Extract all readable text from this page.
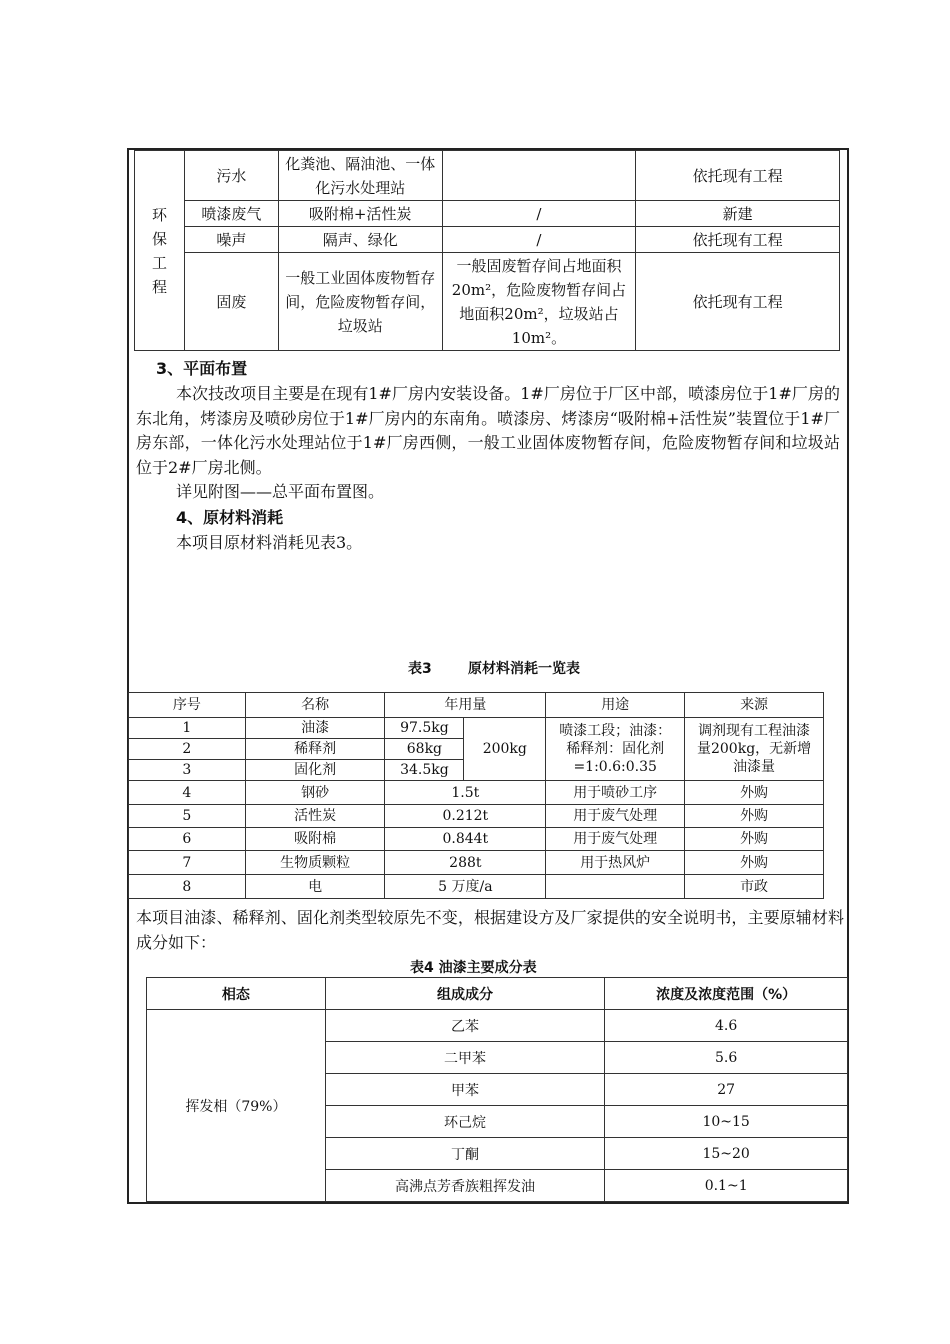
环保工程	污水	化粪池、隔油池、一体化污水处理站		依托现有工程
	喷漆废气	吸附棉+活性炭	/	新建
	噪声	隔声、绿化	/	依托现有工程
	固废	一般工业固体废物暂存间，危险废物暂存间，垃圾站	一般固废暂存间占地面积20m²，危险废物暂存间占地面积20m²，垃圾站占10m²。	依托现有工程
3、平面布置
本次技改项目主要是在现有1#厂房内安装设备。1#厂房位于厂区中部，喷漆房位于1#厂房的东北角，烤漆房及喷砂房位于1#厂房内的东南角。喷漆房、烤漆房“吸附棉+活性炭”装置位于1#厂房东部，一体化污水处理站位于1#厂房西侧，一般工业固体废物暂存间，危险废物暂存间和垃圾站位于2#厂房北侧。
详见附图——总平面布置图。
4、原材料消耗
本项目原材料消耗见表3。
表3	原材料消耗一览表
序号	名称	年用量		用途	来源
1	油漆	97.5kg	200kg	喷漆工段；油漆：稀释剂：固化剂=1:0.6:0.35	调剂现有工程油漆量200kg，无新增油漆量
2	稀释剂	68kg			
3	固化剂	34.5kg			
4	钢砂	1.5t		用于喷砂工序	外购
5	活性炭	0.212t		用于废气处理	外购
6	吸附棉	0.844t		用于废气处理	外购
7	生物质颗粒	288t		用于热风炉	外购
8	电	5 万度/a			市政
本项目油漆、稀释剂、固化剂类型较原先不变，根据建设方及厂家提供的安全说明书，主要原辅材料成分如下：
表4 油漆主要成分表
相态	组成成分	浓度及浓度范围（%）
挥发相（79%）	乙苯	4.6
	二甲苯	5.6
	甲苯	27
	环己烷	10~15
	丁酮	15~20
	高沸点芳香族粗挥发油	0.1~1
